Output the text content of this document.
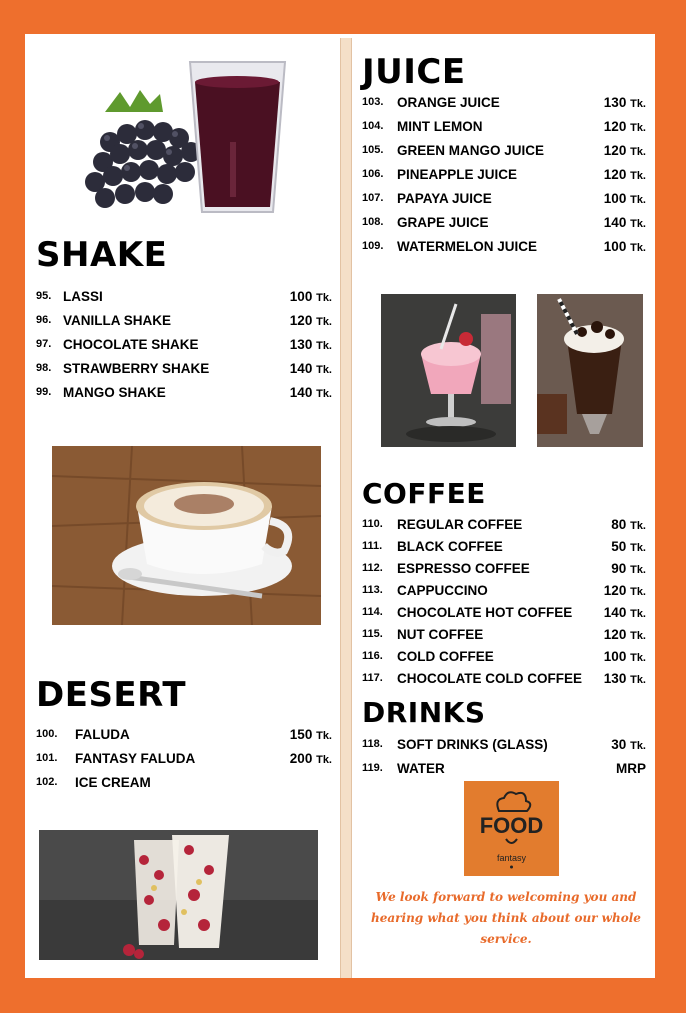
SHAKE
95. LASSI	100 Tk.
96. VANILLA SHAKE	120 Tk.
97. CHOCOLATE SHAKE	130 Tk.
98. STRAWBERRY SHAKE	140 Tk.
99. MANGO SHAKE	140 Tk.
DESERT
100.	FALUDA	150 Tk.
101.	FANTASY FALUDA	200 Tk.
102.	ICE CREAM
JUICE
103.	ORANGE JUICE	130 Tk.
104.	MINT LEMON	120 Tk.
105.	GREEN MANGO JUICE	120 Tk.
106.	PINEAPPLE JUICE	120 Tk.
107.	PAPAYA JUICE	100 Tk.
108.	GRAPE JUICE	140 Tk.
109.	WATERMELON JUICE	100 Tk.
COFFEE
110.	REGULAR COFFEE	80 Tk.
111.	BLACK COFFEE	50 Tk.
112.	ESPRESSO COFFEE	90 Tk.
113.	CAPPUCCINO	120 Tk.
114.	CHOCOLATE HOT COFFEE	140 Tk.
115.	NUT COFFEE	120 Tk.
116.	COLD COFFEE	100 Tk.
117.	CHOCOLATE COLD COFFEE	130 Tk.
DRINKS
118.	SOFT DRINKS (GLASS)	30 Tk.
119.	WATER	MRP
FOOD
fantasy

We look forward to welcoming you and hearing what you think about our whole service.
